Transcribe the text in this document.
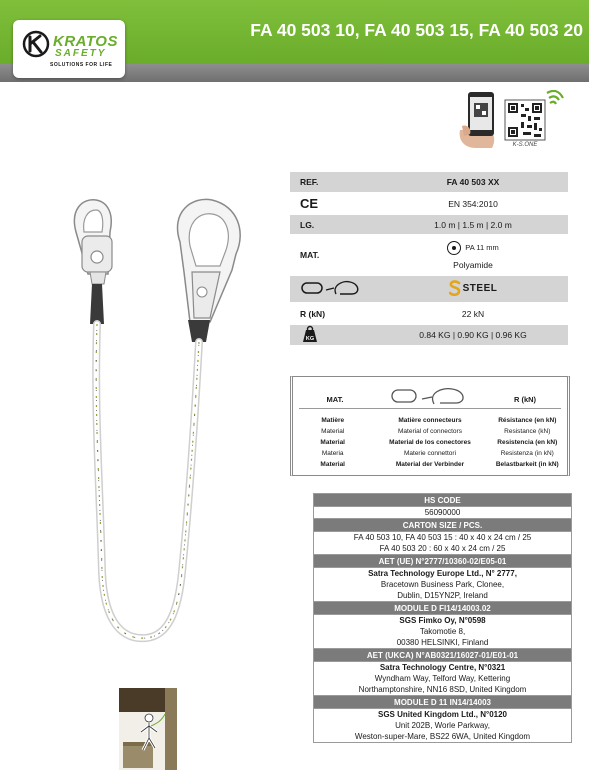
KRATOS
SAFETY
SOLUTIONS FOR LIFE
FA 40 503 10, FA 40 503 15, FA 40 503 20
K-S.ONE
REF.	FA 40 503 XX
CE	EN 354:2010
LG.	1.0 m | 1.5 m | 2.0 m
MAT.	PA 11 mm
Polyamide

STEEL

R (kN)	22 kN

KG	0.84 KG | 0.90 KG | 0.96 KG
MAT.	R (kN)
Matière	Matière connecteurs	Résistance (en kN)
Material	Material of connectors	Resistance (kN)
Material	Material de los conectores	Resistencia (en kN)
Materia	Materie connettori	Resistenza (in kN)
Material	Material der Verbinder	Belastbarkeit (in kN)
HS CODE
56090000
CARTON SIZE / PCS.

FA 40 503 10, FA 40 503 15 : 40 x 40 x 24 cm / 25
FA 40 503 20 : 60 x 40 x 24 cm / 25

AET (UE) N°2777/10360-02/E05-01

Satra Technology Europe Ltd., N° 2777,
Bracetown Business Park, Clonee,
Dublin, D15YN2P, Ireland

MODULE D FI14/14003.02

SGS Fimko Oy, N°0598
Takomotie 8,
00380 HELSINKI, Finland

AET (UKCA) N°AB0321/16027-01/E01-01

Satra Technology Centre, N°0321
Wyndham Way, Telford Way, Kettering
Northamptonshire, NN16 8SD, United Kingdom

MODULE D 11 IN14/14003

SGS United Kingdom Ltd., N°0120
Unit 202B, Worle Parkway,
Weston-super-Mare, BS22 6WA, United Kingdom
